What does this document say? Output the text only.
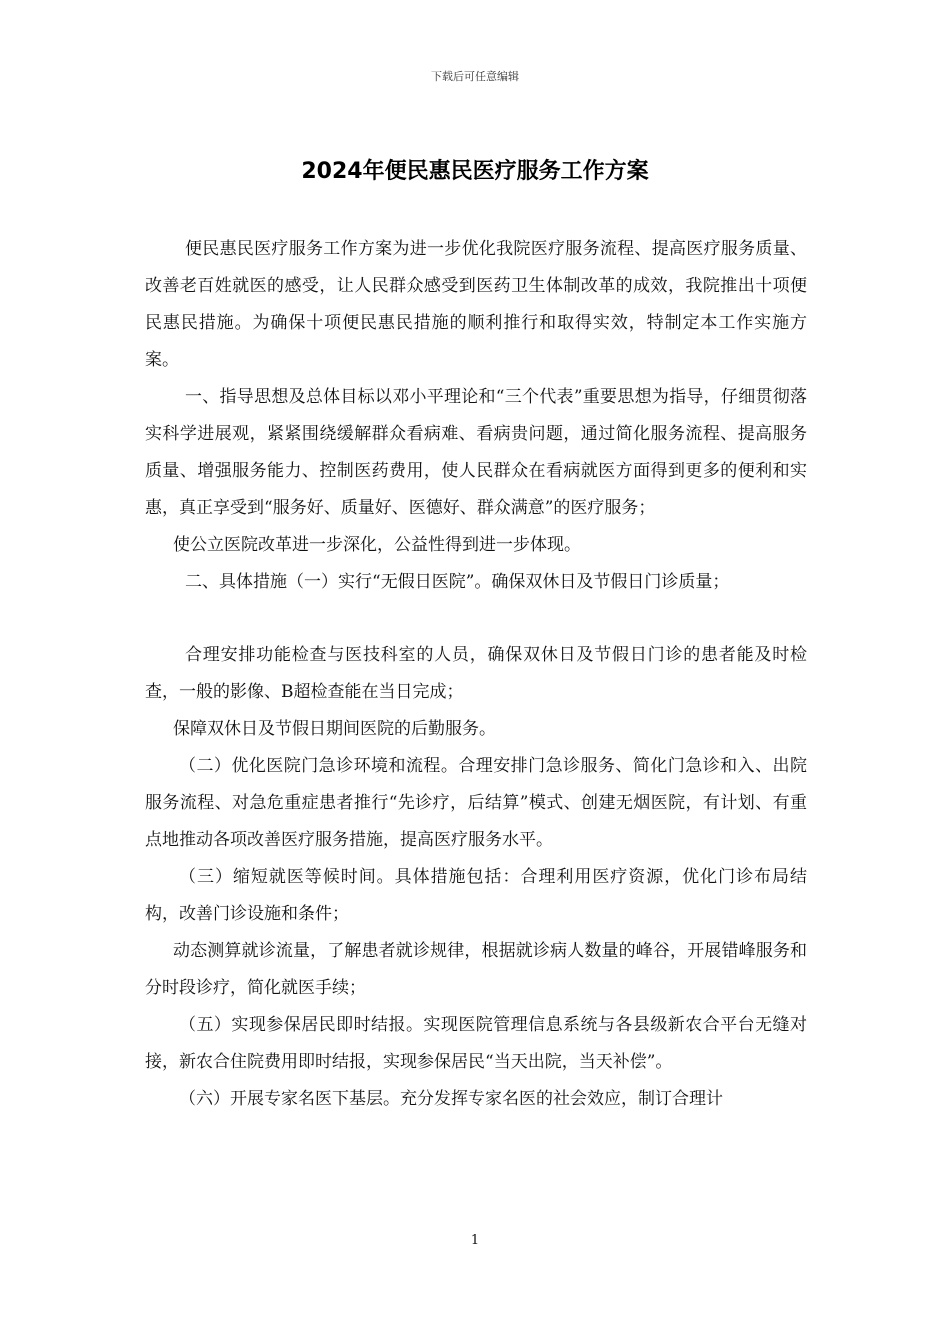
下载后可任意编辑
2024年便民惠民医疗服务工作方案

便民惠民医疗服务工作方案为进一步优化我院医疗服务流程、提高医疗服务质量、改善老百姓就医的感受，让人民群众感受到医药卫生体制改革的成效，我院推出十项便民惠民措施。为确保十项便民惠民措施的顺利推行和取得实效，特制定本工作实施方案。

一、指导思想及总体目标以邓小平理论和“三个代表”重要思想为指导，仔细贯彻落实科学进展观，紧紧围绕缓解群众看病难、看病贵问题，通过简化服务流程、提高服务质量、增强服务能力、控制医药费用，使人民群众在看病就医方面得到更多的便利和实惠，真正享受到“服务好、质量好、医德好、群众满意”的医疗服务；

使公立医院改革进一步深化，公益性得到进一步体现。

二、具体措施（一）实行“无假日医院”。确保双休日及节假日门诊质量；

合理安排功能检查与医技科室的人员，确保双休日及节假日门诊的患者能及时检查，一般的影像、B超检查能在当日完成；

保障双休日及节假日期间医院的后勤服务。

（二）优化医院门急诊环境和流程。合理安排门急诊服务、简化门急诊和入、出院服务流程、对急危重症患者推行“先诊疗，后结算”模式、创建无烟医院，有计划、有重点地推动各项改善医疗服务措施，提高医疗服务水平。

（三）缩短就医等候时间。具体措施包括：合理利用医疗资源，优化门诊布局结构，改善门诊设施和条件；

动态测算就诊流量，了解患者就诊规律，根据就诊病人数量的峰谷，开展错峰服务和分时段诊疗，简化就医手续；

（五）实现参保居民即时结报。实现医院管理信息系统与各县级新农合平台无缝对接，新农合住院费用即时结报，实现参保居民“当天出院，当天补偿”。

（六）开展专家名医下基层。充分发挥专家名医的社会效应，制订合理计

1
